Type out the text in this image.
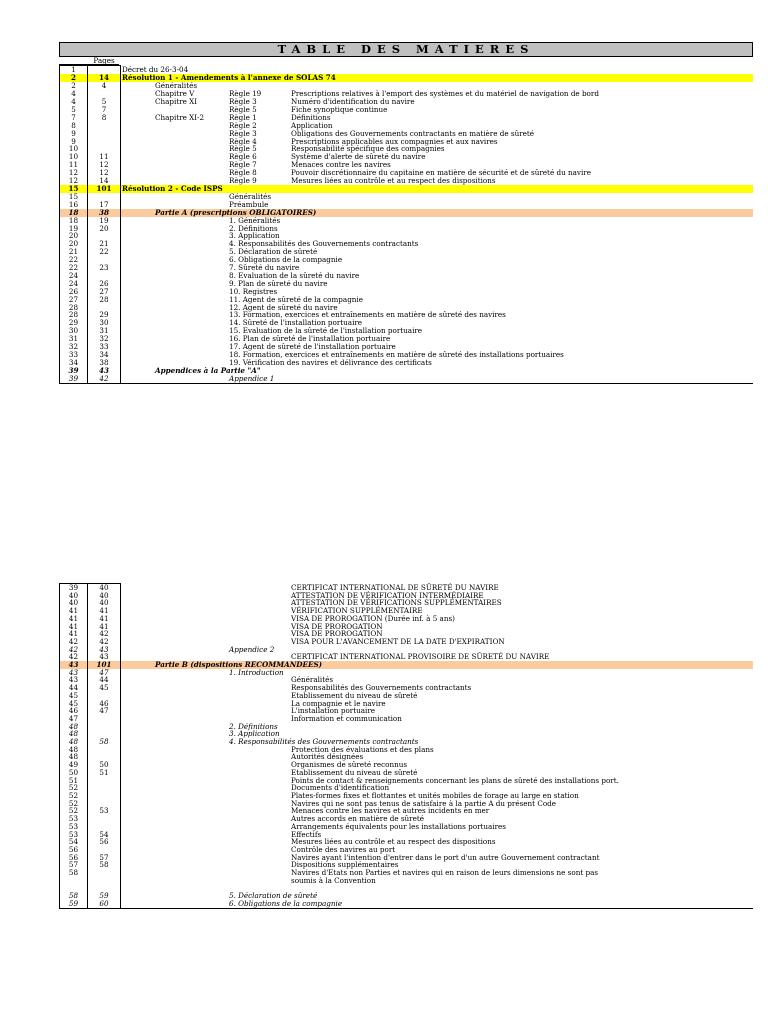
TABLE DES MATIERES
Pages
1		Décret du 26-3-04

2	14	Résolution 1 - Amendements à l'annexe de SOLAS 74

2	4	Généralités

4		Chapitre V Règle 19 Prescriptions relatives à l'emport des systèmes et du matériel de navigation de bord

4	5	Chapitre XI Règle 3 Numéro d'identification du navire

5	7	Règle 5 Fiche synoptique continue

7	8	Chapitre XI-2 Règle 1 Définitions

8		Règle 2 Application

9		Règle 3 Obligations des Gouvernements contractants en matière de sûreté

9		Règle 4 Prescriptions applicables aux compagnies et aux navires

10		Règle 5 Responsabilité spécifique des compagnies

10	11	Règle 6 Système d'alerte de sûreté du navire

11	12	Règle 7 Menaces contre les navires

12	12	Règle 8 Pouvoir discrétionnaire du capitaine en matière de sécurité et de sûreté du navire

12	14	Règle 9 Mesures liées au contrôle et au respect des dispositions

15	101	Résolution 2 - Code ISPS

15		Généralités

16	17	Préambule

18	38	Partie A (prescriptions OBLIGATOIRES)

18	19	1. Généralités

19	20	2. Définitions

20		3. Application

20	21	4. Responsabilités des Gouvernements contractants

21	22	5. Déclaration de sûreté

22		6. Obligations de la compagnie

22	23	7. Sûreté du navire

24		8. Evaluation de la sûreté du navire

24	26	9. Plan de sûreté du navire

26	27	10. Registres

27	28	11. Agent de sûreté de la compagnie

28		12. Agent de sûreté du navire

28	29	13. Formation, exercices et entraînements en matière de sûreté des navires

29	30	14. Sûreté de l'installation portuaire

30	31	15. Evaluation de la sûreté de l'installation portuaire

31	32	16. Plan de sûreté de l'installation portuaire

32	33	17. Agent de sûreté de l'installation portuaire

33	34	18. Formation, exercices et entraînements en matière de sûreté des installations portuaires

34	38	19. Vérification des navires et délivrance des certificats

39	43	Appendices à la Partie "A"

39	42	Appendice 1
39	40	CERTIFICAT INTERNATIONAL DE SÛRETÉ DU NAVIRE

40	40	ATTESTATION DE VÉRIFICATION INTERMÉDIAIRE

40	40	ATTESTATION DE VÉRIFICATIONS SUPPLÉMENTAIRES

41	41	VÉRIFICATION SUPPLÉMENTAIRE

41	41	VISA DE PROROGATION (Durée inf. à 5 ans)

41	41	VISA DE PROROGATION

41	42	VISA DE PROROGATION

42	42	VISA POUR L'AVANCEMENT DE LA DATE D'EXPIRATION

42	43	Appendice 2

42	43	CERTIFICAT INTERNATIONAL PROVISOIRE DE SÛRETÉ DU NAVIRE

43	101	Partie B (dispositions RECOMMANDEES)

43	47	1. Introduction

43	44	Généralités

44	45	Responsabilités des Gouvernements contractants

45		Etablissement du niveau de sûreté

45	46	La compagnie et le navire

46	47	L'installation portuaire

47		Information et communication

48		2. Définitions

48		3. Application

48	58	4. Responsabilités des Gouvernements contractants

48		Protection des évaluations et des plans

48		Autorités désignées

49	50	Organismes de sûreté reconnus

50	51	Etablissement du niveau de sûreté

51		Points de contact & renseignements concernant les plans de sûreté des installations port.

52		Documents d'identification

52		Plates-formes fixes et flottantes et unités mobiles de forage au large en station

52		Navires qui ne sont pas tenus de satisfaire à la partie A du présent Code

52	53	Menaces contre les navires et autres incidents en mer

53		Autres accords en matière de sûreté

53		Arrangements équivalents pour les installations portuaires

53	54	Effectifs

54	56	Mesures liées au contrôle et au respect des dispositions

56		Contrôle des navires au port

56	57	Navires ayant l'intention d'entrer dans le port d'un autre Gouvernement contractant

57	58	Dispositions supplémentaires

58		Navires d'Etats non Parties et navires qui en raison de leurs dimensions ne sont pas

		soumis à la Convention

58	59	5. Déclaration de sûreté

59	60	6. Obligations de la compagnie
